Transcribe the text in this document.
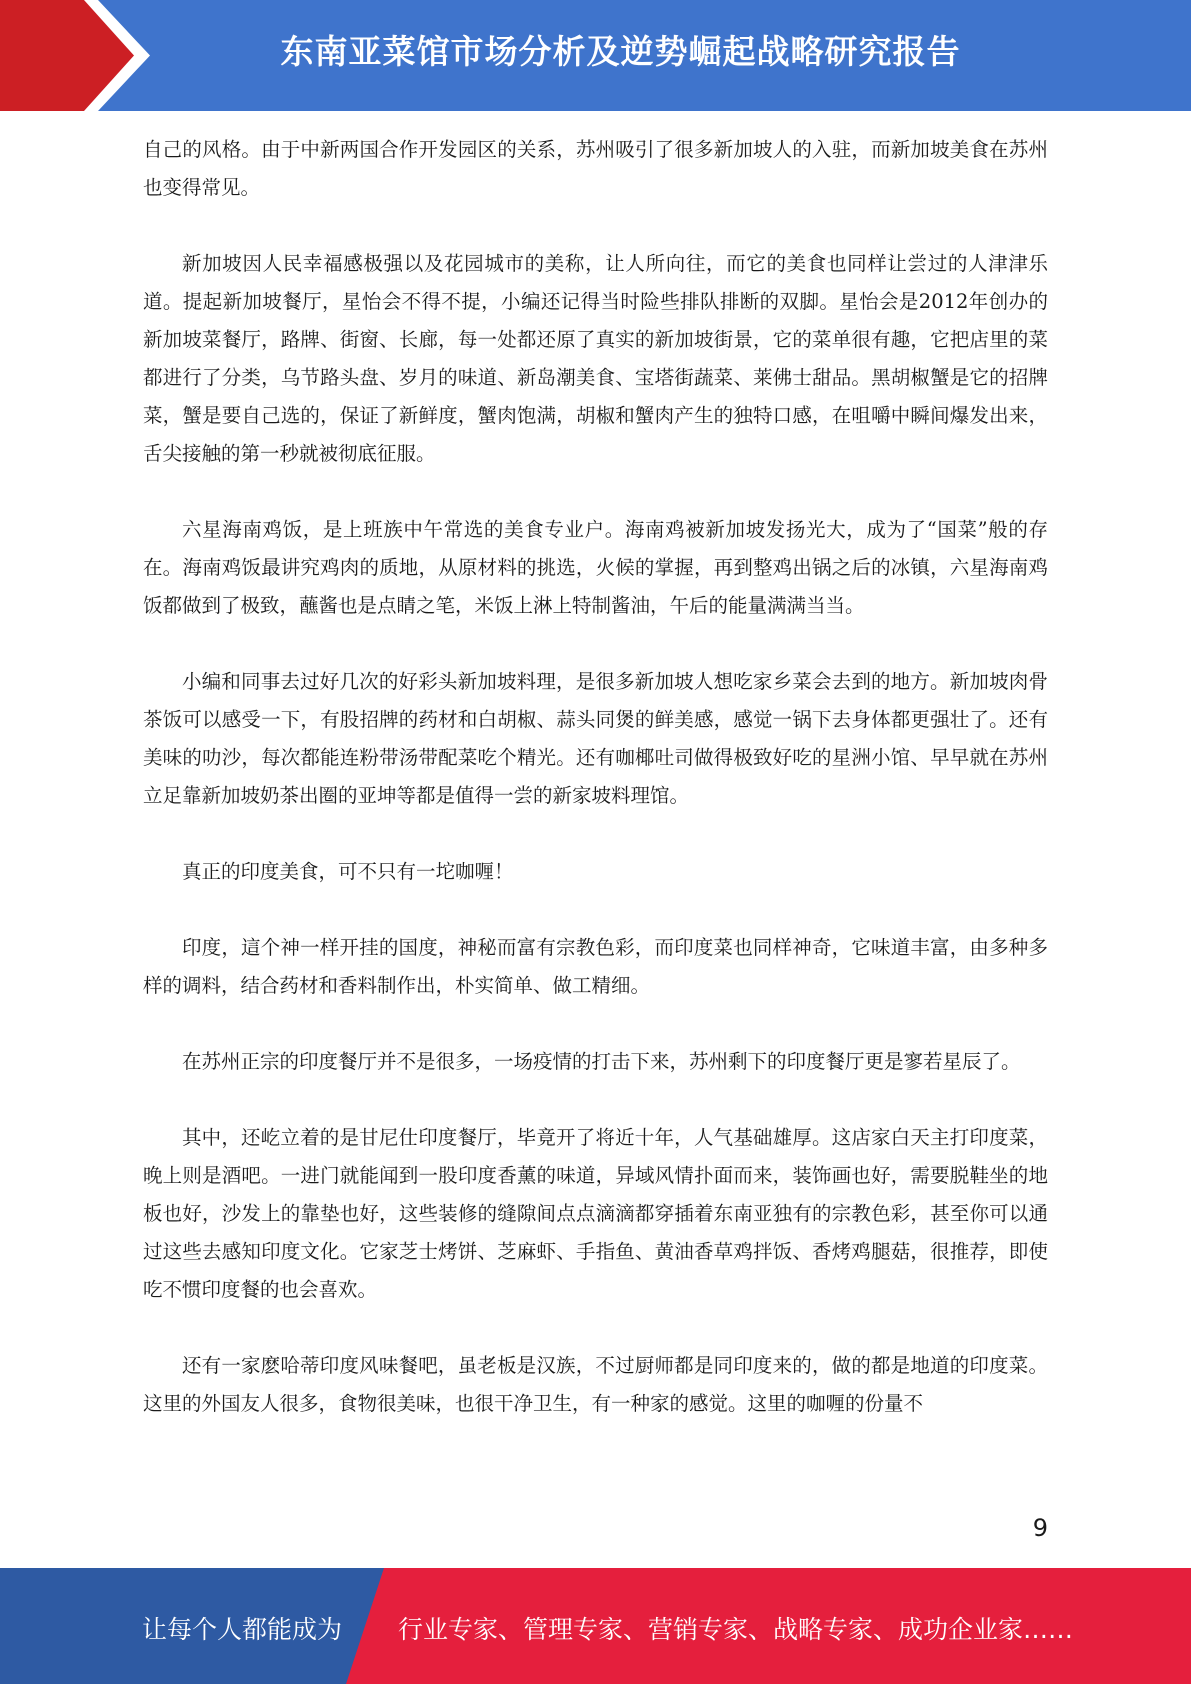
东南亚菜馆市场分析及逆势崛起战略研究报告

自己的风格。由于中新两国合作开发园区的关系，苏州吸引了很多新加坡人的入驻，而新加坡美食在苏州也变得常见。

新加坡因人民幸福感极强以及花园城市的美称，让人所向往，而它的美食也同样让尝过的人津津乐道。提起新加坡餐厅，星怡会不得不提，小编还记得当时险些排队排断的双脚。星怡会是2012年创办的新加坡菜餐厅，路牌、街窗、长廊，每一处都还原了真实的新加坡街景，它的菜单很有趣，它把店里的菜都进行了分类，乌节路头盘、岁月的味道、新岛潮美食、宝塔街蔬菜、莱佛士甜品。黑胡椒蟹是它的招牌菜，蟹是要自己选的，保证了新鲜度，蟹肉饱满，胡椒和蟹肉产生的独特口感，在咀嚼中瞬间爆发出来，舌尖接触的第一秒就被彻底征服。

六星海南鸡饭，是上班族中午常选的美食专业户。海南鸡被新加坡发扬光大，成为了“国菜”般的存在。海南鸡饭最讲究鸡肉的质地，从原材料的挑选，火候的掌握，再到整鸡出锅之后的冰镇，六星海南鸡饭都做到了极致，蘸酱也是点睛之笔，米饭上淋上特制酱油，午后的能量满满当当。

小编和同事去过好几次的好彩头新加坡料理，是很多新加坡人想吃家乡菜会去到的地方。新加坡肉骨茶饭可以感受一下，有股招牌的药材和白胡椒、蒜头同煲的鲜美感，感觉一锅下去身体都更强壮了。还有美味的叻沙，每次都能连粉带汤带配菜吃个精光。还有咖椰吐司做得极致好吃的星洲小馆、早早就在苏州立足靠新加坡奶茶出圈的亚坤等都是值得一尝的新家坡料理馆。

真正的印度美食，可不只有一坨咖喱！

印度，這个神一样开挂的国度，神秘而富有宗教色彩，而印度菜也同样神奇，它味道丰富，由多种多样的调料，结合药材和香料制作出，朴实简单、做工精细。

在苏州正宗的印度餐厅并不是很多，一场疫情的打击下来，苏州剩下的印度餐厅更是寥若星辰了。

其中，还屹立着的是甘尼仕印度餐厅，毕竟开了将近十年，人气基础雄厚。这店家白天主打印度菜，晚上则是酒吧。一进门就能闻到一股印度香薰的味道，异域风情扑面而来，装饰画也好，需要脱鞋坐的地板也好，沙发上的靠垫也好，这些装修的缝隙间点点滴滴都穿插着东南亚独有的宗教色彩，甚至你可以通过这些去感知印度文化。它家芝士烤饼、芝麻虾、手指鱼、黄油香草鸡拌饭、香烤鸡腿菇，很推荐，即使吃不惯印度餐的也会喜欢。

还有一家麽哈蒂印度风味餐吧，虽老板是汉族，不过厨师都是同印度来的，做的都是地道的印度菜。这里的外国友人很多，食物很美味，也很干净卫生，有一种家的感觉。这里的咖喱的份量不

9
让每个人都能成为 行业专家、管理专家、营销专家、战略专家、成功企业家……
